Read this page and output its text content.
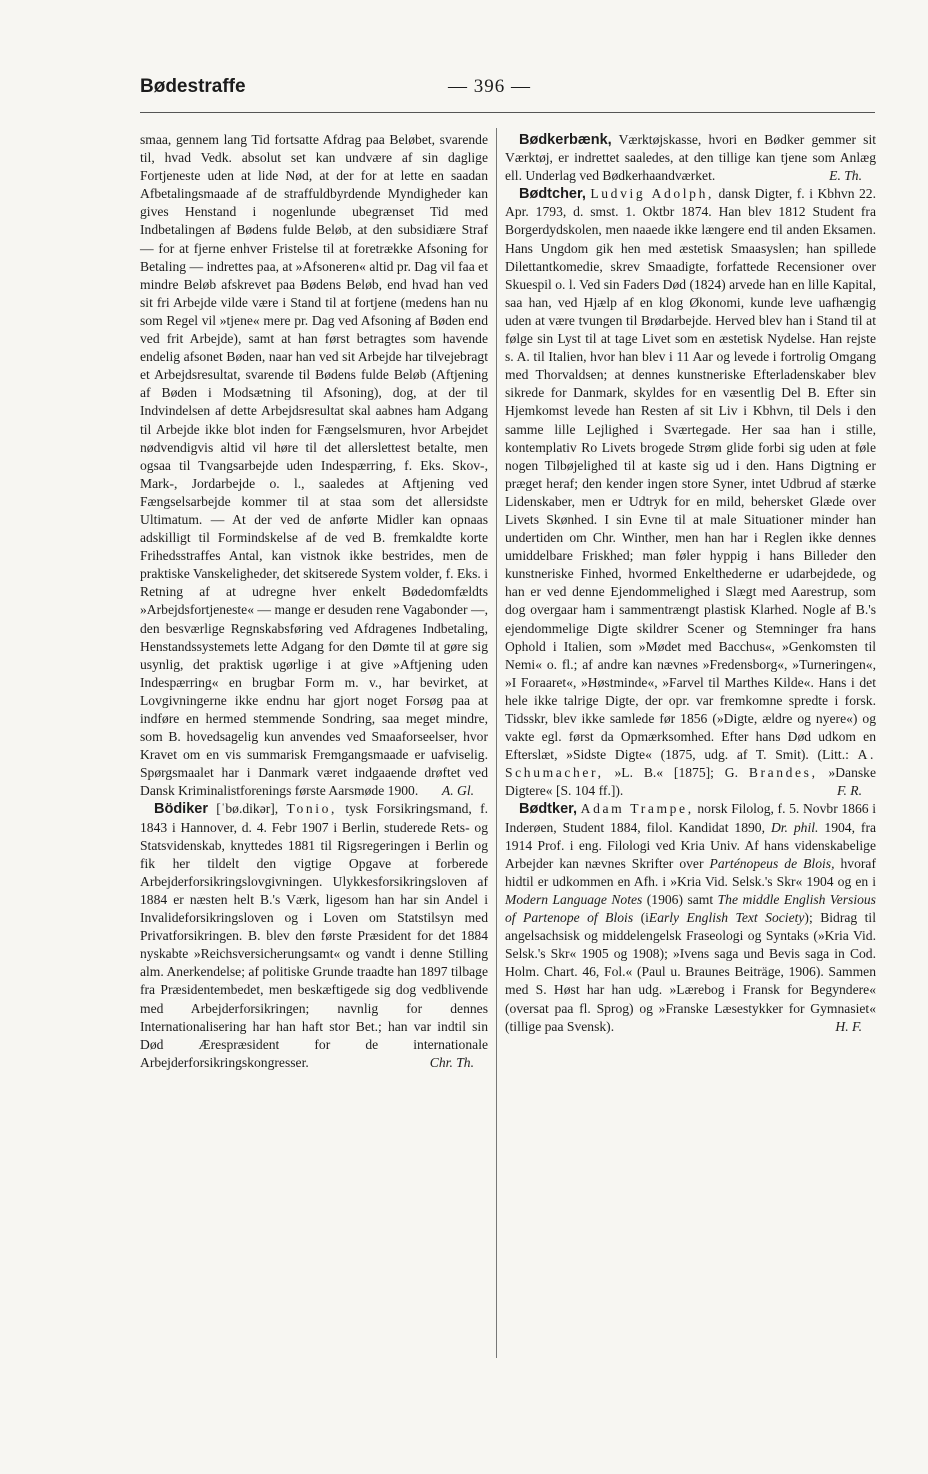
Bødestraffe	— 396 —

smaa, gennem lang Tid fortsatte Afdrag paa Beløbet, svarende til, hvad Vedk. absolut set kan undvære af sin daglige Fortjeneste uden at lide Nød, at der for at lette en saadan Afbetalingsmaade af de straffuldbyrdende Myndigheder kan gives Henstand i nogenlunde ubegrænset Tid med Indbetalingen af Bødens fulde Beløb, at den subsidiære Straf — for at fjerne enhver Fristelse til at foretrække Afsoning for Betaling — indrettes paa, at »Afsoneren« altid pr. Dag vil faa et mindre Beløb afskrevet paa Bødens Beløb, end hvad han ved sit fri Arbejde vilde være i Stand til at fortjene (medens han nu som Regel vil »tjene« mere pr. Dag ved Afsoning af Bøden end ved frit Arbejde), samt at han først betragtes som havende endelig afsonet Bøden, naar han ved sit Arbejde har tilvejebragt et Arbejdsresultat, svarende til Bødens fulde Beløb (Aftjening af Bøden i Modsætning til Afsoning), dog, at der til Indvindelsen af dette Arbejdsresultat skal aabnes ham Adgang til Arbejde ikke blot inden for Fængselsmuren, hvor Arbejdet nødvendigvis altid vil høre til det allerslettest betalte, men ogsaa til Tvangsarbejde uden Indespærring, f. Eks. Skov-, Mark-, Jordarbejde o. l., saaledes at Aftjening ved Fængselsarbejde kommer til at staa som det allersidste Ultimatum. — At der ved de anførte Midler kan opnaas adskilligt til Formindskelse af de ved B. fremkaldte korte Frihedsstraffes Antal, kan vistnok ikke bestrides, men de praktiske Vanskeligheder, det skitserede System volder, f. Eks. i Retning af at udregne hver enkelt Bødedomfældts »Arbejdsfortjeneste« — mange er desuden rene Vagabonder —, den besværlige Regnskabsføring ved Afdragenes Indbetaling, Henstandssystemets lette Adgang for den Dømte til at gøre sig usynlig, det praktisk ugørlige i at give »Aftjening uden Indespærring« en brugbar Form m. v., har bevirket, at Lovgivningerne ikke endnu har gjort noget Forsøg paa at indføre en hermed stemmende Sondring, saa meget mindre, som B. hovedsagelig kun anvendes ved Smaaforseelser, hvor Kravet om en vis summarisk Fremgangsmaade er uafviselig. Spørgsmaalet har i Danmark været indgaaende drøftet ved Dansk Kriminalistforenings første Aarsmøde 1900. A. Gl.

Bödiker [ˈbø.dikər], Tonio, tysk Forsikringsmand, f. 1843 i Hannover, d. 4. Febr 1907 i Berlin, studerede Rets- og Statsvidenskab, knyttedes 1881 til Rigsregeringen i Berlin og fik her tildelt den vigtige Opgave at forberede Arbejderforsikringslovgivningen. Ulykkesforsikringsloven af 1884 er næsten helt B.'s Værk, ligesom han har sin Andel i Invalideforsikringsloven og i Loven om Statstilsyn med Privatforsikringen. B. blev den første Præsident for det 1884 nyskabte »Reichsversicherungsamt« og vandt i denne Stilling alm. Anerkendelse; af politiske Grunde traadte han 1897 tilbage fra Præsidentembedet, men beskæftigede sig dog vedblivende med Arbejderforsikringen; navnlig for dennes Internationalisering har han haft stor Bet.; han var indtil sin Død Ærespræsident for de internationale Arbejderforsikringskongresser.	Chr. Th.

Bødkerbænk, Værktøjskasse, hvori en Bødker gemmer sit Værktøj, er indrettet saaledes, at den tillige kan tjene som Anlæg ell. Underlag ved Bødkerhaandværket.	E. Th.

Bødtcher, Ludvig Adolph, dansk Digter, f. i Kbhvn 22. Apr. 1793, d. smst. 1. Oktbr 1874. Han blev 1812 Student fra Borgerdydskolen, men naaede ikke længere end til anden Eksamen. Hans Ungdom gik hen med æstetisk Smaasyslen; han spillede Dilettantkomedie, skrev Smaadigte, forfattede Recensioner over Skuespil o. l. Ved sin Faders Død (1824) arvede han en lille Kapital, saa han, ved Hjælp af en klog Økonomi, kunde leve uafhængig uden at være tvungen til Brødarbejde. Herved blev han i Stand til at følge sin Lyst til at tage Livet som en æstetisk Nydelse. Han rejste s. A. til Italien, hvor han blev i 11 Aar og levede i fortrolig Omgang med Thorvaldsen; at dennes kunstneriske Efterladenskaber blev sikrede for Danmark, skyldes for en væsentlig Del B. Efter sin Hjemkomst levede han Resten af sit Liv i Kbhvn, til Dels i den samme lille Lejlighed i Sværtegade. Her saa han i stille, kontemplativ Ro Livets brogede Strøm glide forbi sig uden at føle nogen Tilbøjelighed til at kaste sig ud i den. Hans Digtning er præget heraf; den kender ingen store Syner, intet Udbrud af stærke Lidenskaber, men er Udtryk for en mild, behersket Glæde over Livets Skønhed. I sin Evne til at male Situationer minder han undertiden om Chr. Winther, men han har i Reglen ikke dennes umiddelbare Friskhed; man føler hyppig i hans Billeder den kunstneriske Finhed, hvormed Enkelthederne er udarbejdede, og han er ved denne Ejendommelighed i Slægt med Aarestrup, som dog overgaar ham i sammentrængt plastisk Klarhed. Nogle af B.'s ejendommelige Digte skildrer Scener og Stemninger fra hans Ophold i Italien, som »Mødet med Bacchus«, »Genkomsten til Nemi« o. fl.; af andre kan nævnes »Fredensborg«, »Turneringen«, »I Foraaret«, »Høstminde«, »Farvel til Marthes Kilde«. Hans i det hele ikke talrige Digte, der opr. var fremkomne spredte i forsk. Tidsskr, blev ikke samlede før 1856 (»Digte, ældre og nyere«) og vakte egl. først da Opmærksomhed. Efter hans Død udkom en Efterslæt, »Sidste Digte« (1875, udg. af T. Smit). (Litt.: A. Schumacher, »L. B.« [1875]; G. Brandes, »Danske Digtere« [S. 104 ff.]).	F. R.

Bødtker, Adam Trampe, norsk Filolog, f. 5. Novbr 1866 i Inderøen, Student 1884, filol. Kandidat 1890, Dr. phil. 1904, fra 1914 Prof. i eng. Filologi ved Kria Univ. Af hans videnskabelige Arbejder kan nævnes Skrifter over Parténopeus de Blois, hvoraf hidtil er udkommen en Afh. i »Kria Vid. Selsk.'s Skr« 1904 og en i Modern Language Notes (1906) samt The middle English Versious of Partenope of Blois (iEarly English Text Society); Bidrag til angelsachsisk og middelengelsk Fraseologi og Syntaks (»Kria Vid. Selsk.'s Skr« 1905 og 1908); »Ivens saga und Bevis saga in Cod. Holm. Chart. 46, Fol.« (Paul u. Braunes Beiträge, 1906). Sammen med S. Høst har han udg. »Lærebog i Fransk for Begyndere« (oversat paa fl. Sprog) og »Franske Læsestykker for Gymnasiet« (tillige paa Svensk).	H. F.
